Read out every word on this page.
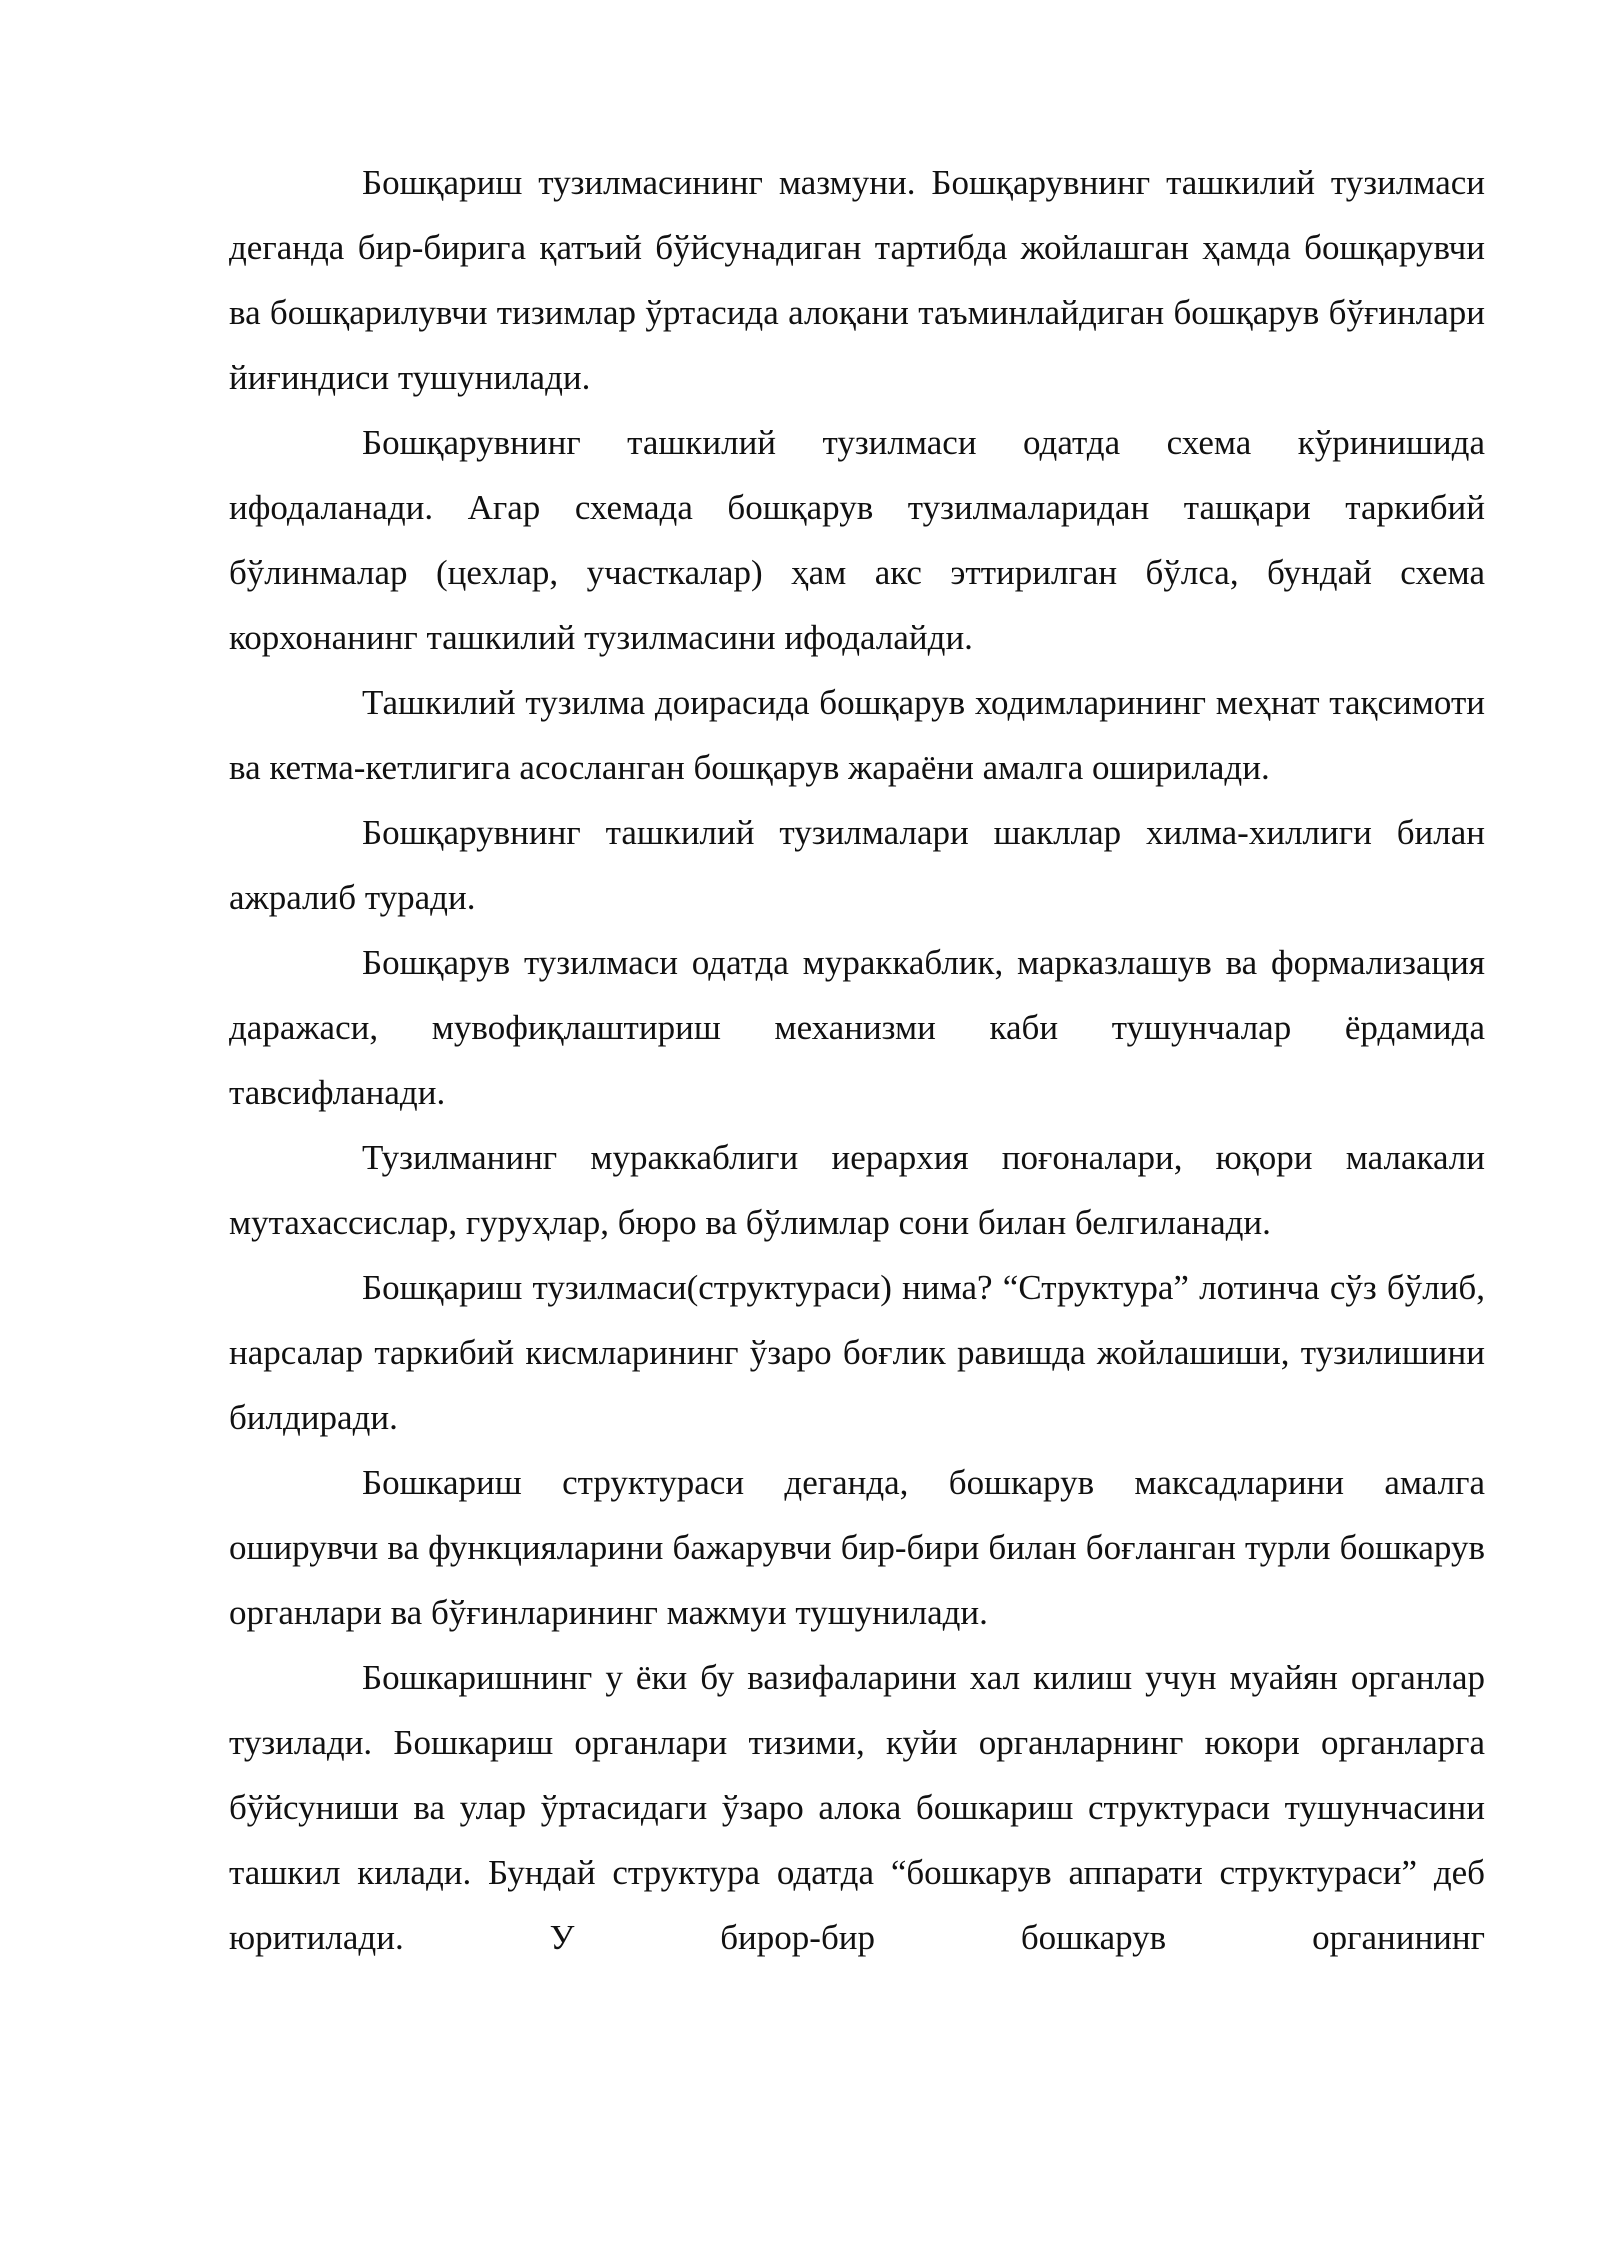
Бошқариш тузилмасининг мазмуни. Бошқарувнинг ташкилий тузилмаси деганда бир-бирига қатъий бўйсунадиган тартибда жойлашган ҳамда бошқарувчи ва бошқарилувчи тизимлар ўртасида алоқани таъминлайдиган бошқарув бўғинлари йиғиндиси тушунилади.

Бошқарувнинг ташкилий тузилмаси одатда схема кўринишида ифодаланади. Агар схемада бошқарув тузилмаларидан ташқари таркибий бўлинмалар (цехлар, участкалар) ҳам акс эттирилган бўлса, бундай схема корхонанинг ташкилий тузилмасини ифодалайди.

Ташкилий тузилма доирасида бошқарув ходимларининг меҳнат тақсимоти ва кетма-кетлигига асосланган бошқарув жараёни амалга оширилади.

Бошқарувнинг ташкилий тузилмалари шакллар хилма-хиллиги билан ажралиб туради.

Бошқарув тузилмаси одатда мураккаблик, марказлашув ва формализация даражаси, мувофиқлаштириш механизми каби тушунчалар ёрдамида тавсифланади.

Тузилманинг мураккаблиги иерархия поғоналари, юқори малакали мутахассислар, гуруҳлар, бюро ва бўлимлар сони билан белгиланади.

Бошқариш тузилмаси(структураси) нима? “Структура” лотинча сўз бўлиб, нарсалар таркибий кисмларининг ўзаро боғлик равишда жойлашиши, тузилишини билдиради.

Бошкариш структураси деганда, бошкарув максадларини амалга оширувчи ва функцияларини бажарувчи бир-бири билан боғланган турли бошкарув органлари ва бўғинларининг мажмуи тушунилади.

Бошкаришнинг у ёки бу вазифаларини хал килиш учун муайян органлар тузилади. Бошкариш органлари тизими, куйи органларнинг юкори органларга бўйсуниши ва улар ўртасидаги ўзаро алока бошкариш структураси тушунчасини ташкил килади. Бундай структура одатда “бошкарув аппарати структураси” деб юритилади. У бирор-бир бошкарув органининг
